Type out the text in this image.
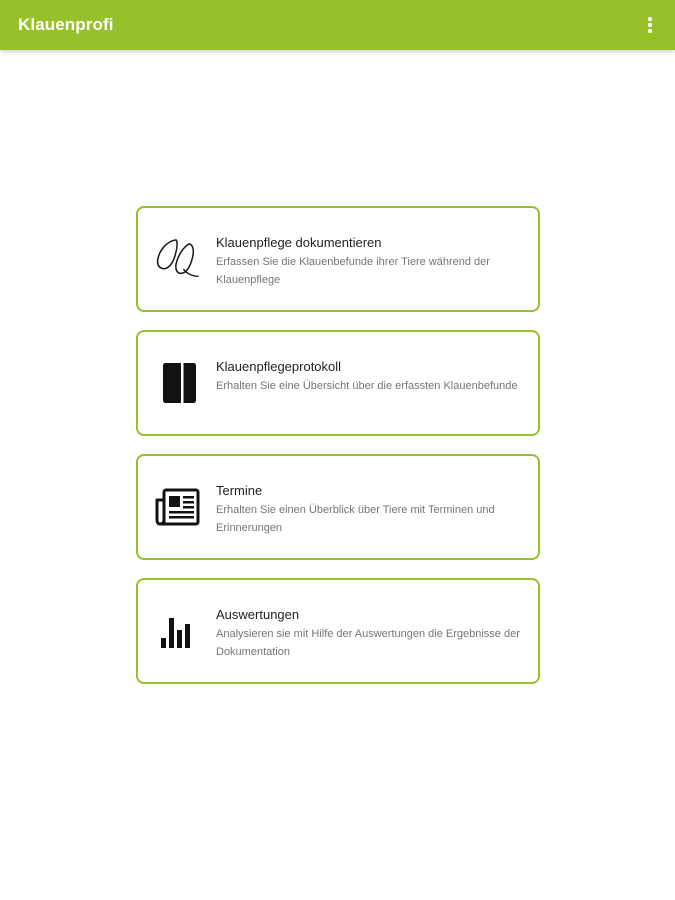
Klauenprofi
Klauenpflege dokumentieren
Erfassen Sie die Klauenbefunde ihrer Tiere während der Klauenpflege
Klauenpflegeprotokoll
Erhalten Sie eine Übersicht über die erfassten Klauenbefunde
Termine
Erhalten Sie einen Überblick über Tiere mit Terminen und Erinnerungen
Auswertungen
Analysieren sie mit Hilfe der Auswertungen die Ergebnisse der Dokumentation
